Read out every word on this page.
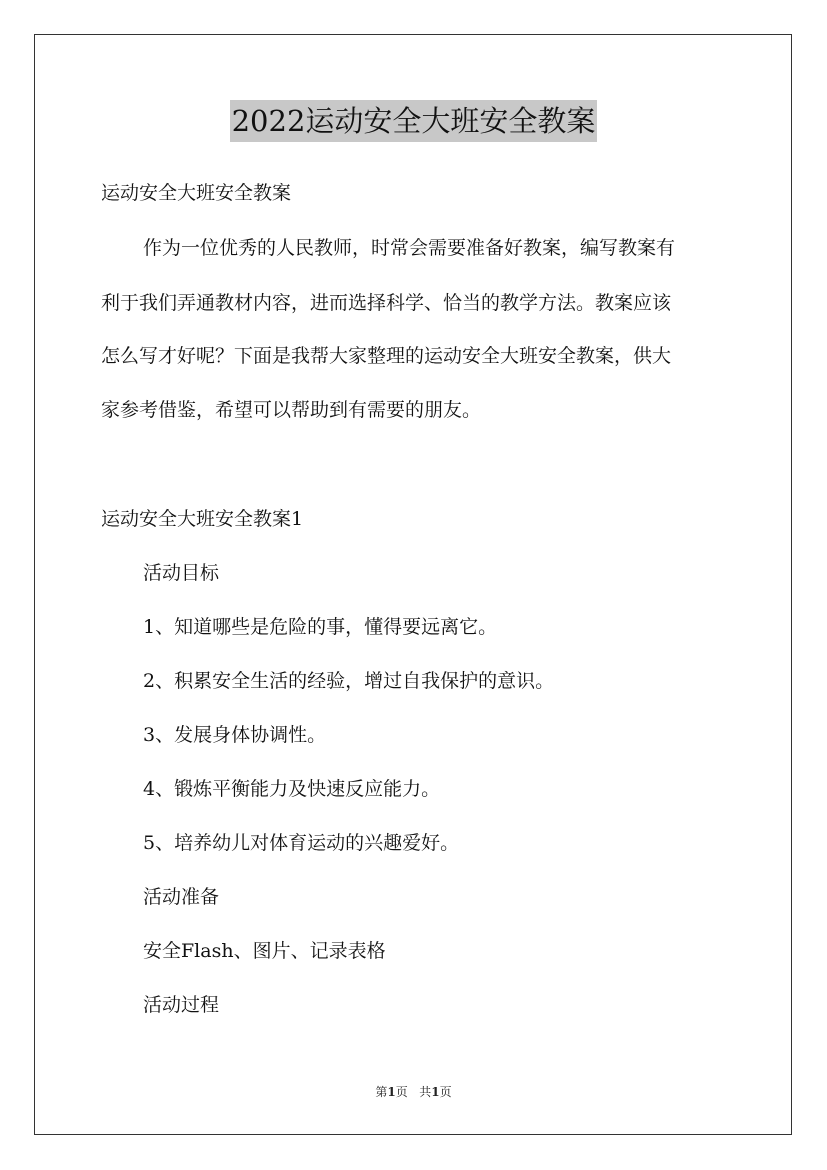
2022运动安全大班安全教案
运动安全大班安全教案
作为一位优秀的人民教师，时常会需要准备好教案，编写教案有
利于我们弄通教材内容，进而选择科学、恰当的教学方法。教案应该
怎么写才好呢？下面是我帮大家整理的运动安全大班安全教案，供大
家参考借鉴，希望可以帮助到有需要的朋友。
运动安全大班安全教案1
活动目标
1、知道哪些是危险的事，懂得要远离它。
2、积累安全生活的经验，增过自我保护的意识。
3、发展身体协调性。
4、锻炼平衡能力及快速反应能力。
5、培养幼儿对体育运动的兴趣爱好。
活动准备
安全Flash、图片、记录表格
活动过程
第1页 共1页
